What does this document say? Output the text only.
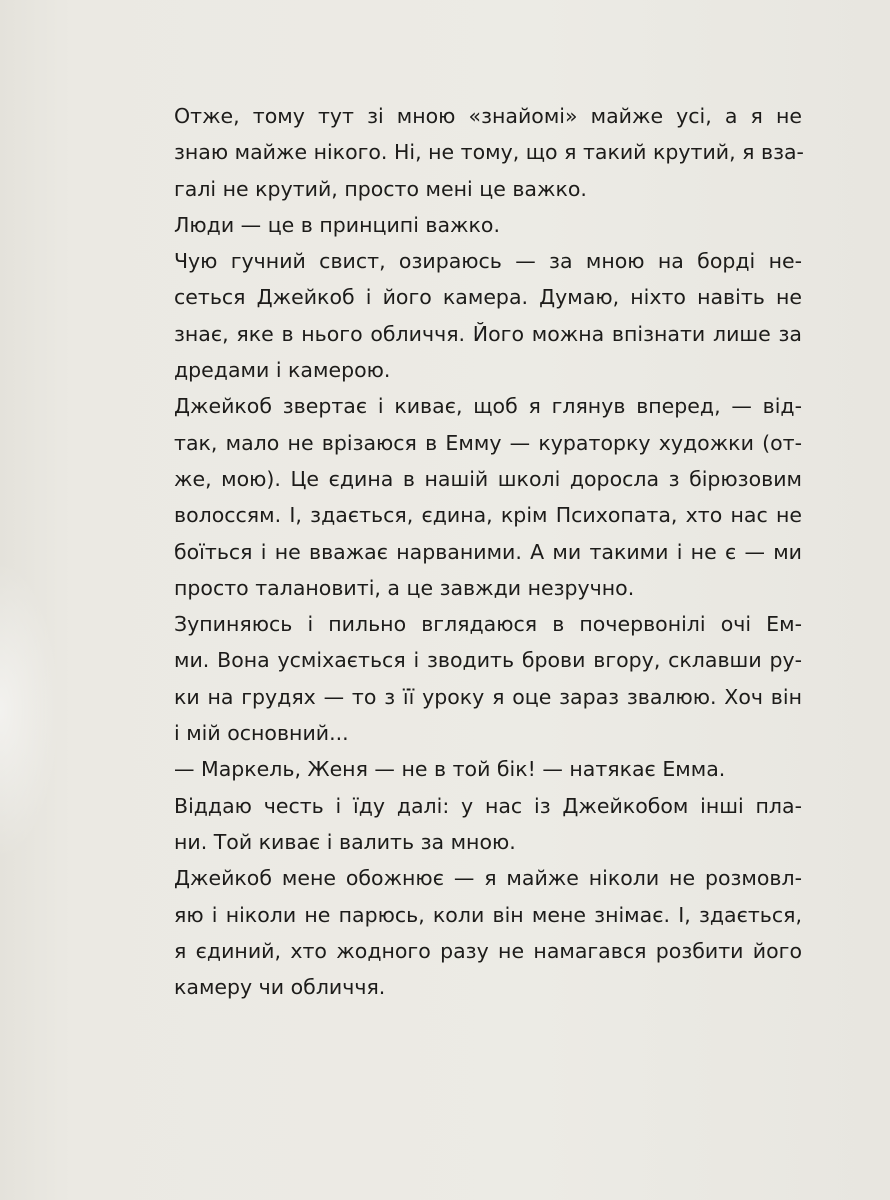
Отже, тому тут зі мною «знайомі» майже усі, а я не
знаю майже нікого. Ні, не тому, що я такий крутий, я вза-
галі не крутий, просто мені це важко.

Люди — це в принципі важко.

Чую гучний свист, озираюсь — за мною на борді не-
сеться Джейкоб і його камера. Думаю, ніхто навіть не
знає, яке в нього обличчя. Його можна впізнати лише за
дредами і камерою.

Джейкоб звертає і киває, щоб я глянув вперед, — від-
так, мало не врізаюся в Емму — кураторку художки (от-
же, мою). Це єдина в нашій школі доросла з бірюзовим
волоссям. І, здається, єдина, крім Психопата, хто нас не
боїться і не вважає нарваними. А ми такими і не є — ми
просто талановиті, а це завжди незручно.

Зупиняюсь і пильно вглядаюся в почервонілі очі Ем-
ми. Вона усміхається і зводить брови вгору, склавши ру-
ки на грудях — то з її уроку я оце зараз звалюю. Хоч він
і мій основний...

— Маркель, Женя — не в той бік! — натякає Емма.

Віддаю честь і їду далі: у нас із Джейкобом інші пла-
ни. Той киває і валить за мною.

Джейкоб мене обожнює — я майже ніколи не розмовл-
яю і ніколи не парюсь, коли він мене знімає. І, здається,
я єдиний, хто жодного разу не намагався розбити його
камеру чи обличчя.
